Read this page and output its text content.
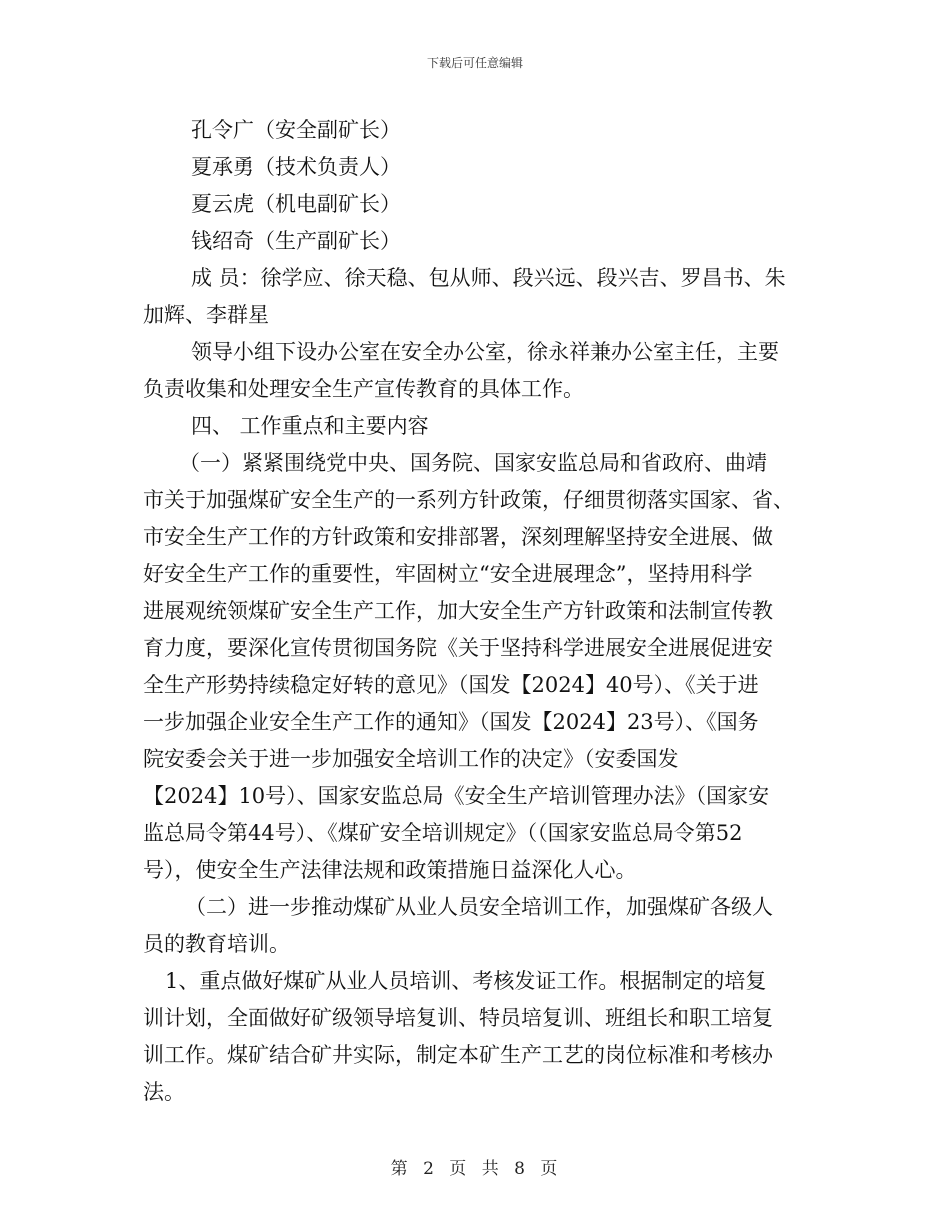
下载后可任意编辑
孔令广（安全副矿长）
夏承勇（技术负责人）
夏云虎（机电副矿长）
钱绍奇（生产副矿长）
成 员：徐学应、徐天稳、包从师、段兴远、段兴吉、罗昌书、朱
加辉、李群星
领导小组下设办公室在安全办公室，徐永祥兼办公室主任，主要
负责收集和处理安全生产宣传教育的具体工作。
四、 工作重点和主要内容
（一）紧紧围绕党中央、国务院、国家安监总局和省政府、曲靖
市关于加强煤矿安全生产的一系列方针政策，仔细贯彻落实国家、省、
市安全生产工作的方针政策和安排部署，深刻理解坚持安全进展、做
好安全生产工作的重要性，牢固树立“安全进展理念”，坚持用科学
进展观统领煤矿安全生产工作，加大安全生产方针政策和法制宣传教
育力度，要深化宣传贯彻国务院《关于坚持科学进展安全进展促进安
全生产形势持续稳定好转的意见》（国发【2024】40号）、《关于进
一步加强企业安全生产工作的通知》（国发【2024】23号）、《国务
院安委会关于进一步加强安全培训工作的决定》（安委国发
【2024】10号）、国家安监总局《安全生产培训管理办法》（国家安
监总局令第44号）、《煤矿安全培训规定》（（国家安监总局令第52
号），使安全生产法律法规和政策措施日益深化人心。
（二）进一步推动煤矿从业人员安全培训工作，加强煤矿各级人
员的教育培训。
1、重点做好煤矿从业人员培训、考核发证工作。根据制定的培复
训计划，全面做好矿级领导培复训、特员培复训、班组长和职工培复
训工作。煤矿结合矿井实际，制定本矿生产工艺的岗位标准和考核办
法。
第 2 页 共 8 页
